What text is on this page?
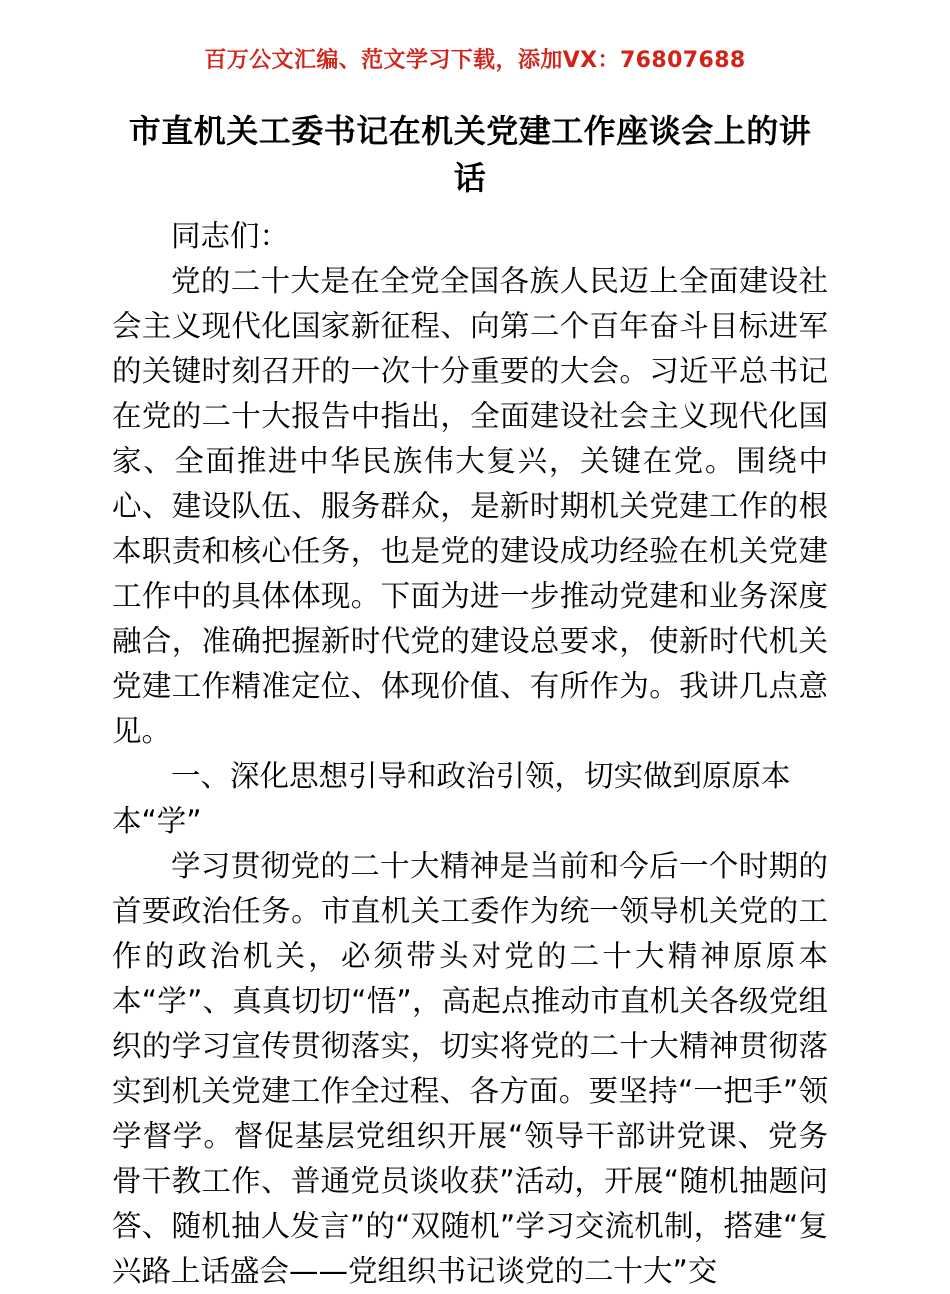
百万公文汇编、范文学习下载，添加VX：76807688
市直机关工委书记在机关党建工作座谈会上的讲话

同志们：

党的二十大是在全党全国各族人民迈上全面建设社会主义现代化国家新征程、向第二个百年奋斗目标进军的关键时刻召开的一次十分重要的大会。习近平总书记在党的二十大报告中指出，全面建设社会主义现代化国家、全面推进中华民族伟大复兴，关键在党。围绕中心、建设队伍、服务群众，是新时期机关党建工作的根本职责和核心任务，也是党的建设成功经验在机关党建工作中的具体体现。下面为进一步推动党建和业务深度融合，准确把握新时代党的建设总要求，使新时代机关党建工作精准定位、体现价值、有所作为。我讲几点意见。

一、深化思想引导和政治引领，切实做到原原本本“学”

学习贯彻党的二十大精神是当前和今后一个时期的首要政治任务。市直机关工委作为统一领导机关党的工作的政治机关，必须带头对党的二十大精神原原本本“学”、真真切切“悟”，高起点推动市直机关各级党组织的学习宣传贯彻落实，切实将党的二十大精神贯彻落实到机关党建工作全过程、各方面。要坚持“一把手”领学督学。督促基层党组织开展“领导干部讲党课、党务骨干教工作、普通党员谈收获”活动，开展“随机抽题问答、随机抽人发言”的“双随机”学习交流机制，搭建“复兴路上话盛会——党组织书记谈党的二十大”交
